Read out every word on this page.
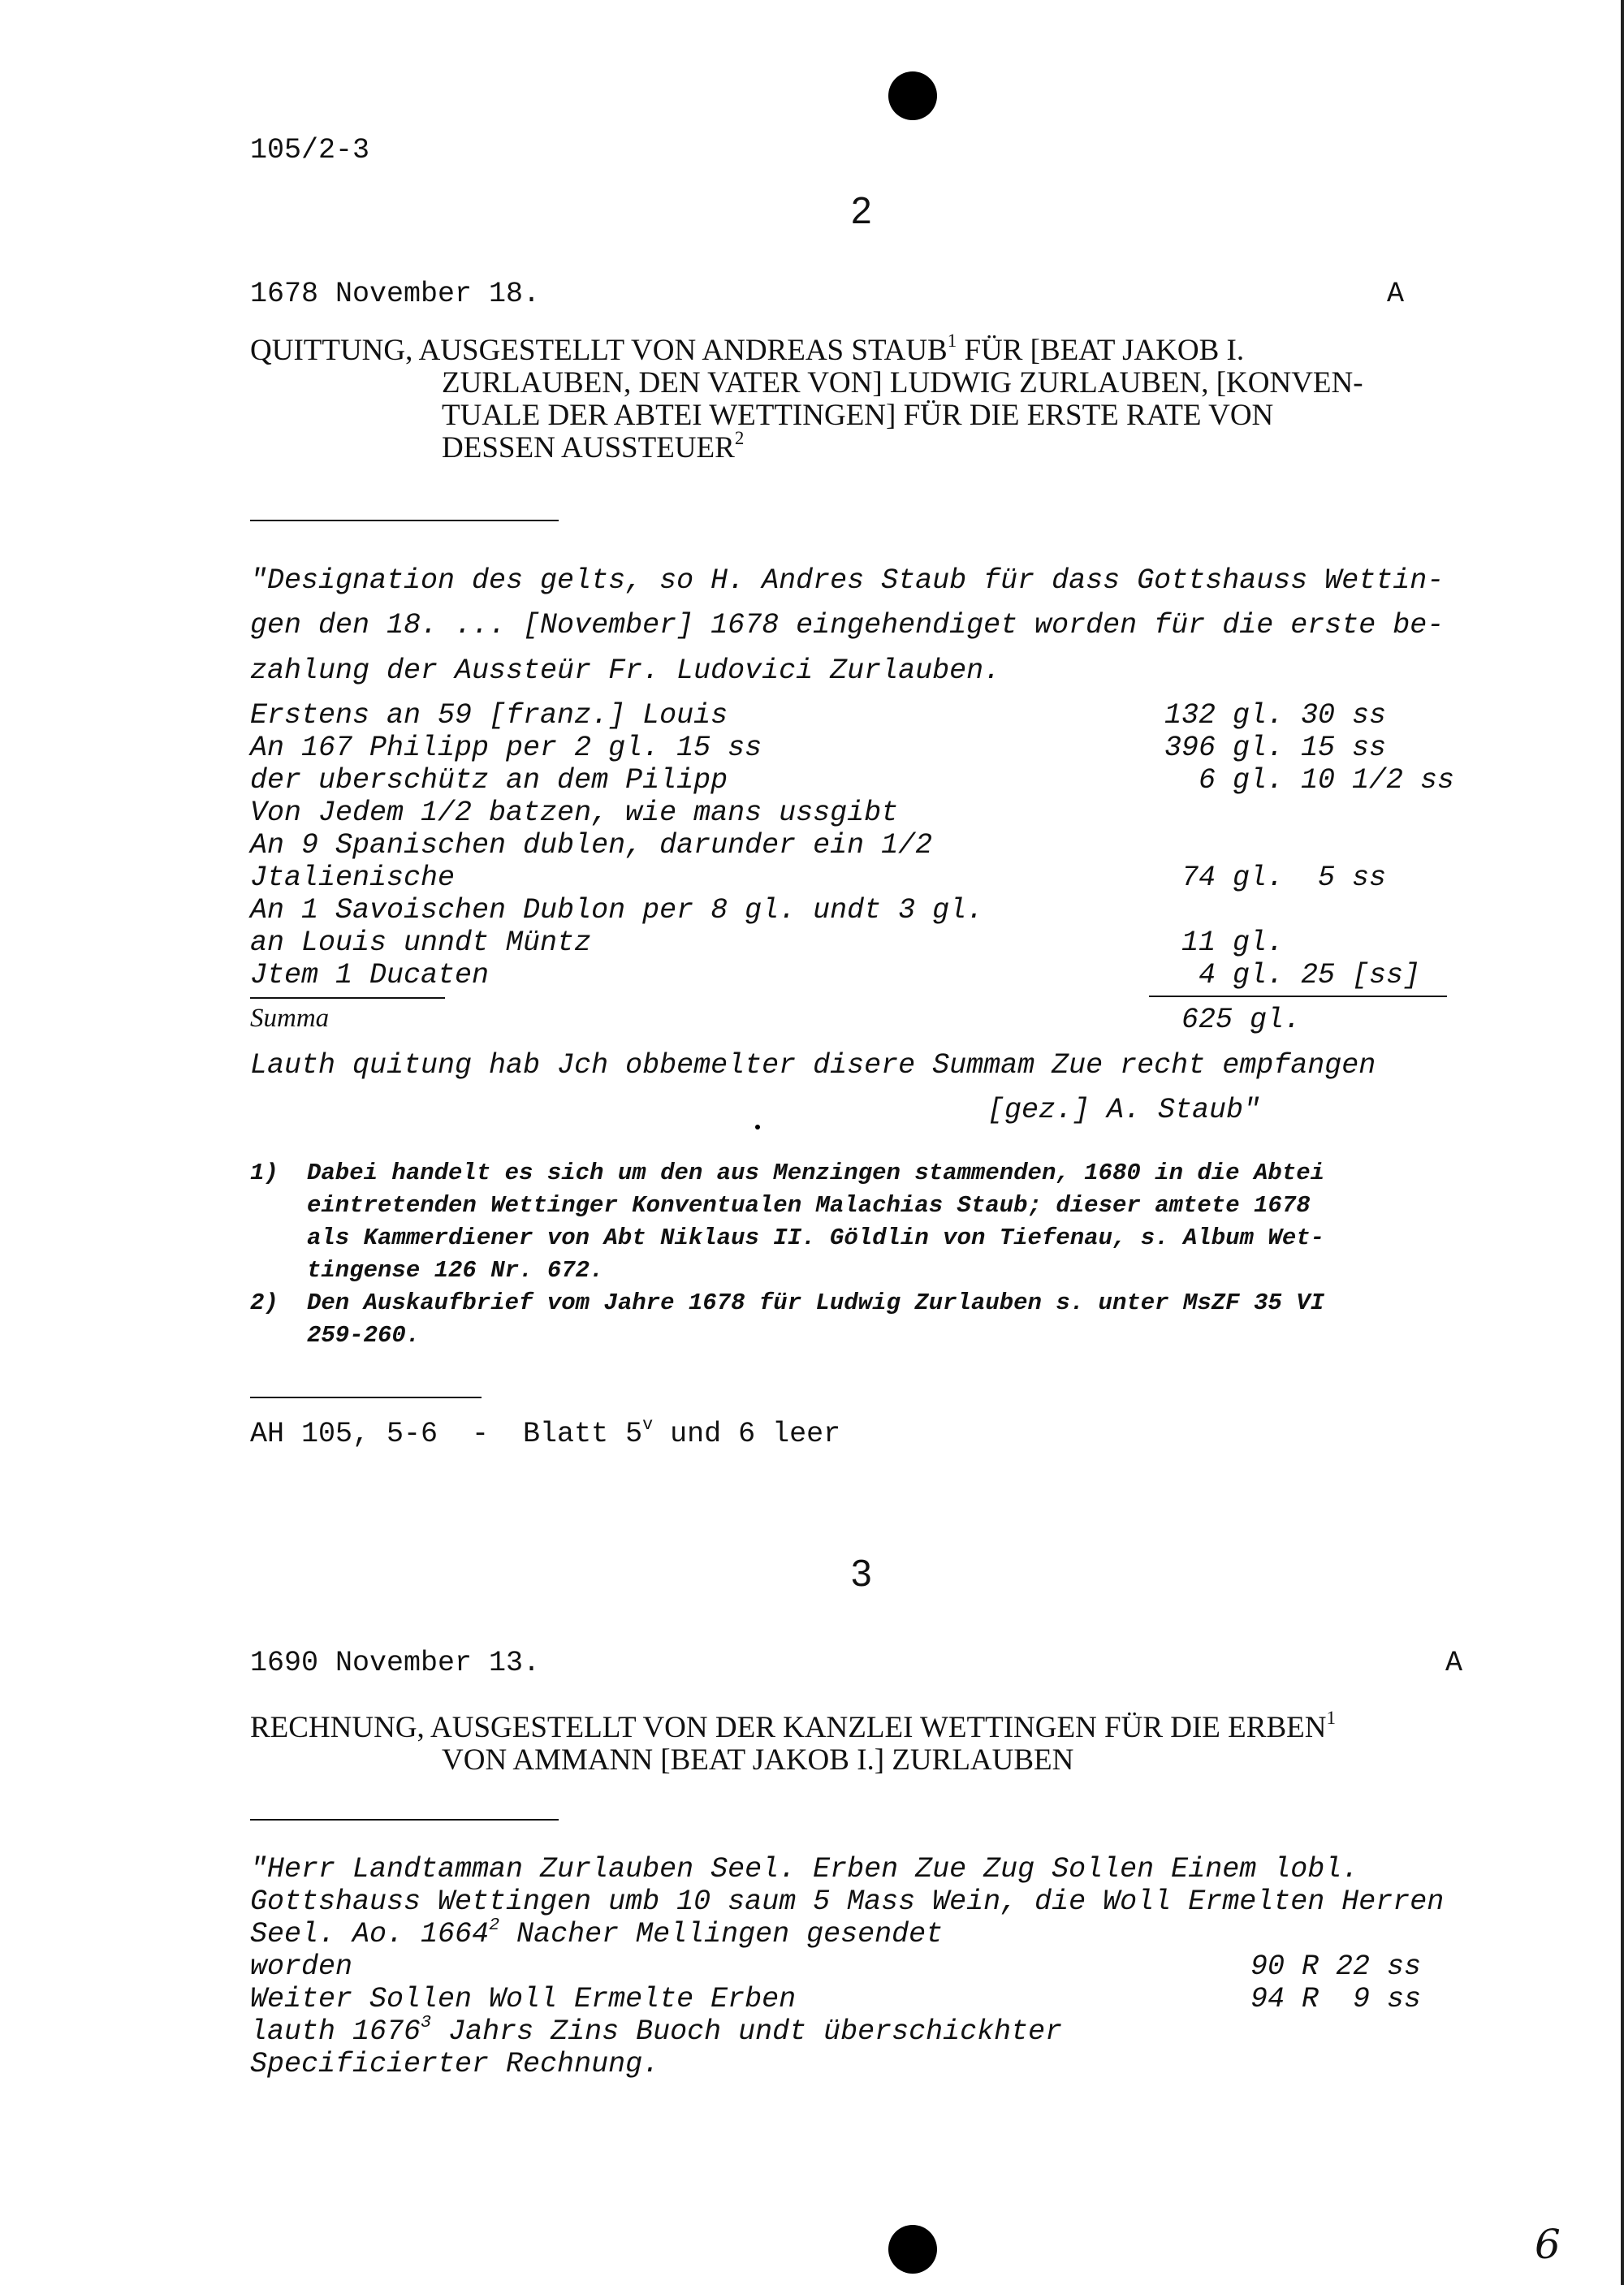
105/2-3
2
1678 November 18.	A
QUITTUNG, AUSGESTELLT VON ANDREAS STAUB$^1$ FÜR [BEAT JAKOB I.
ZURLAUBEN, DEN VATER VON] LUDWIG ZURLAUBEN, [KONVEN-
TUALE DER ABTEI WETTINGEN] FÜR DIE ERSTE RATE VON
DESSEN AUSSTEUER$^2$
"Designation des gelts, so H. Andres Staub für dass Gottshauss Wettin-
gen den 18. ... [November] 1678 eingehendiget worden für die erste be-
zahlung der Aussteür Fr. Ludovici Zurlauben.
Erstens an 59 [franz.] Louis	132 gl. 30 ss
An 167 Philipp per 2 gl. 15 ss	396 gl. 15 ss
der uberschütz an dem Pilipp	6 gl. 10 1/2 ss
Von Jedem 1/2 batzen, wie mans ussgibt
An 9 Spanischen dublen, darunder ein 1/2
Jtalienische	74 gl.  5 ss
An 1 Savoischen Dublon per 8 gl. undt 3 gl.
an Louis unndt Müntz	11 gl.
Jtem 1 Ducaten	4 gl. 25 [ss]
Summa	625 gl.
Lauth quitung hab Jch obbemelter disere Summam Zue recht empfangen
[gez.] A. Staub"
1) Dabei handelt es sich um den aus Menzingen stammenden, 1680 in die Abtei
eintretenden Wettinger Konventualen Malachias Staub; dieser amtete 1678
als Kammerdiener von Abt Niklaus II. Göldlin von Tiefenau, s. Album Wet-
tingense 126 Nr. 672.
2) Den Auskaufbrief vom Jahre 1678 für Ludwig Zurlauben s. unter MsZF 35 VI
259-260.
AH 105, 5-6  -  Blatt 5$^v$ und 6 leer
3
1690 November 13.	A
RECHNUNG, AUSGESTELLT VON DER KANZLEI WETTINGEN FÜR DIE ERBEN$^1$
VON AMMANN [BEAT JAKOB I.] ZURLAUBEN
"Herr Landtamman Zurlauben Seel. Erben Zue Zug Sollen Einem lobl.
Gottshauss Wettingen umb 10 saum 5 Mass Wein, die Woll Ermelten Herren
Seel. Ao. 1664$^2$ Nacher Mellingen gesendet
worden	90 R 22 ss
Weiter Sollen Woll Ermelte Erben	94 R  9 ss
lauth 1676$^3$ Jahrs Zins Buoch undt überschickhter
Specificierter Rechnung.
6
